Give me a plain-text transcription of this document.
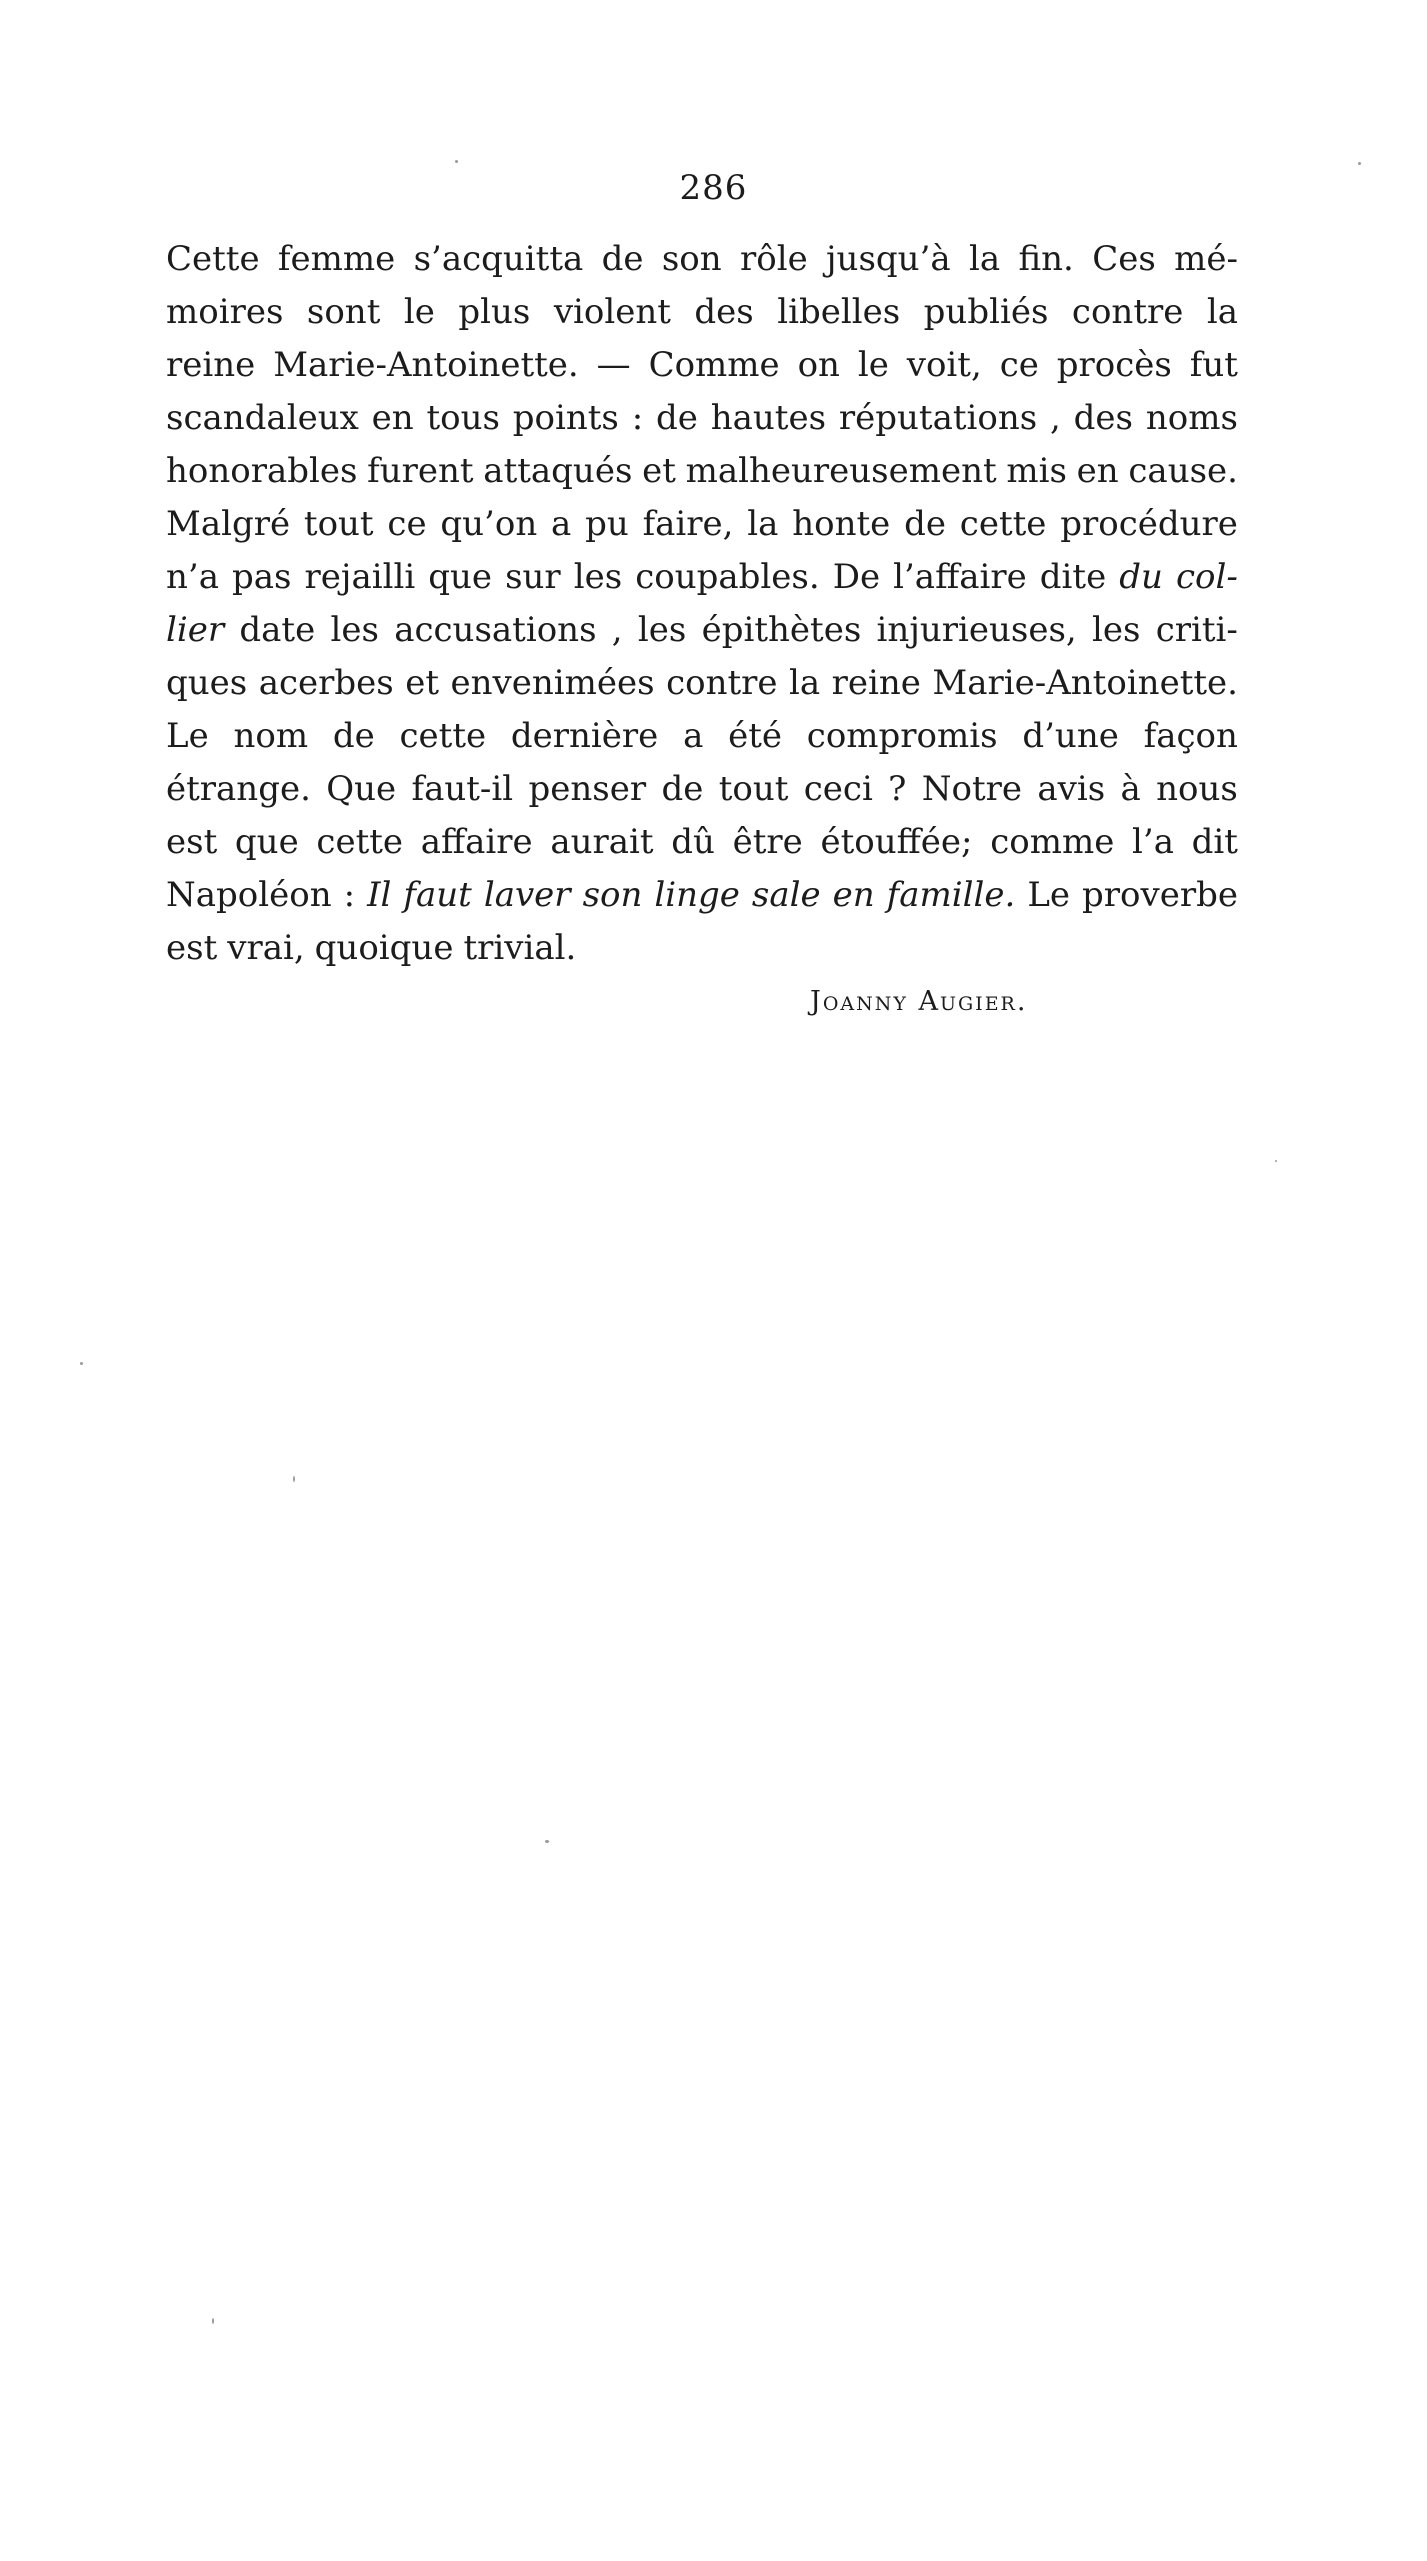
286
Cette femme s’acquitta de son rôle jusqu’à la fin. Ces mé-
moires sont le plus violent des libelles publiés contre la
reine Marie-Antoinette. — Comme on le voit, ce procès fut
scandaleux en tous points : de hautes réputations , des noms
honorables furent attaqués et malheureusement mis en cause.
Malgré tout ce qu’on a pu faire, la honte de cette procédure
n’a pas rejailli que sur les coupables. De l’affaire dite du col-
lier date les accusations , les épithètes injurieuses, les criti-
ques acerbes et envenimées contre la reine Marie-Antoinette.
Le nom de cette dernière a été compromis d’une façon
étrange. Que faut-il penser de tout ceci ? Notre avis à nous
est que cette affaire aurait dû être étouffée; comme l’a dit
Napoléon : Il faut laver son linge sale en famille. Le proverbe
est vrai, quoique trivial.
Joanny Augier.
